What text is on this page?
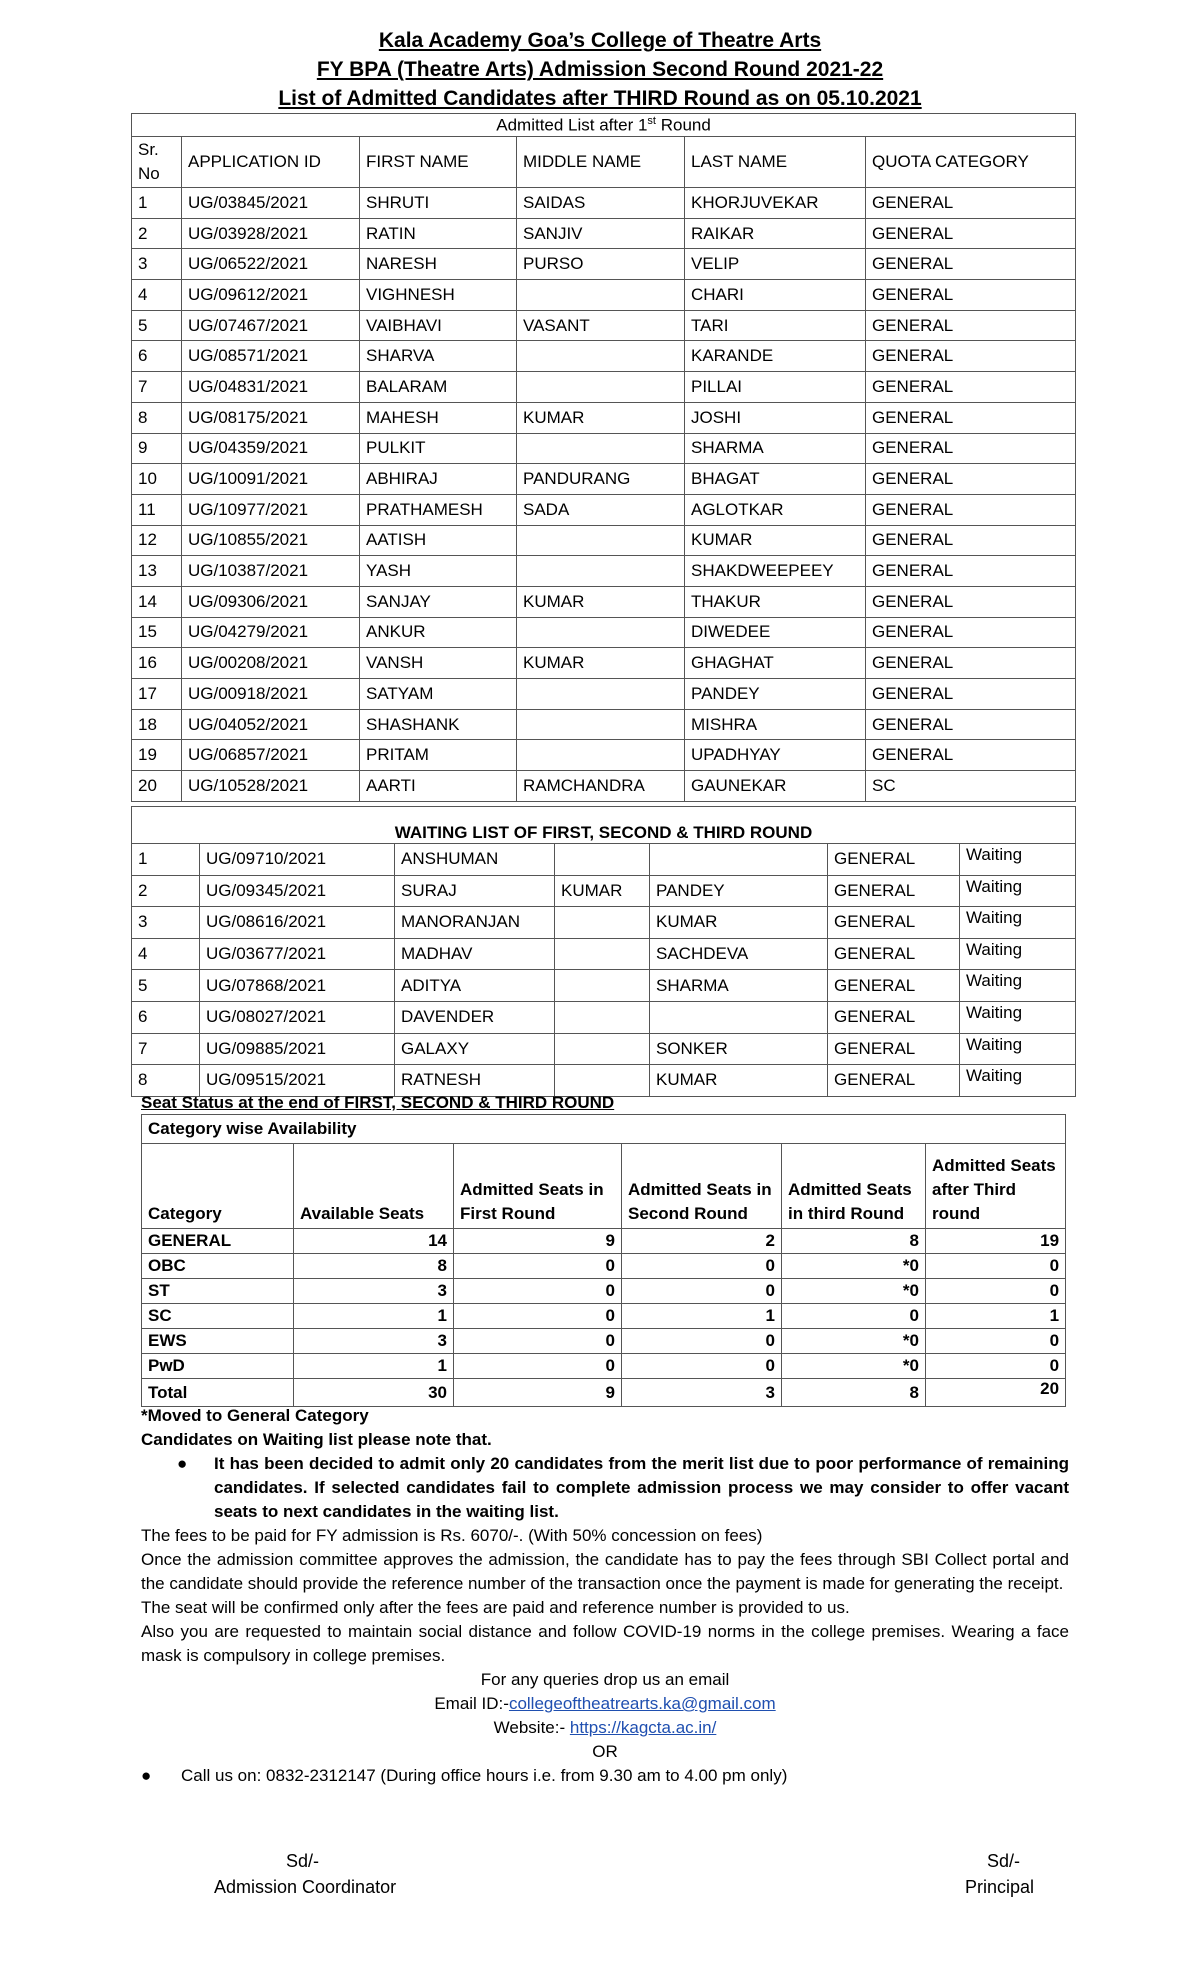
Kala Academy Goa’s College of Theatre Arts
FY BPA (Theatre Arts) Admission Second Round 2021-22
List of Admitted Candidates after THIRD Round as on 05.10.2021
Admitted List after 1st Round					
Sr. No	APPLICATION ID	FIRST NAME	MIDDLE NAME	LAST NAME	QUOTA CATEGORY
1	UG/03845/2021	SHRUTI	SAIDAS	KHORJUVEKAR	GENERAL
2	UG/03928/2021	RATIN	SANJIV	RAIKAR	GENERAL
3	UG/06522/2021	NARESH	PURSO	VELIP	GENERAL
4	UG/09612/2021	VIGHNESH		CHARI	GENERAL
5	UG/07467/2021	VAIBHAVI	VASANT	TARI	GENERAL
6	UG/08571/2021	SHARVA		KARANDE	GENERAL
7	UG/04831/2021	BALARAM		PILLAI	GENERAL
8	UG/08175/2021	MAHESH	KUMAR	JOSHI	GENERAL
9	UG/04359/2021	PULKIT		SHARMA	GENERAL
10	UG/10091/2021	ABHIRAJ	PANDURANG	BHAGAT	GENERAL
11	UG/10977/2021	PRATHAMESH	SADA	AGLOTKAR	GENERAL
12	UG/10855/2021	AATISH		KUMAR	GENERAL
13	UG/10387/2021	YASH		SHAKDWEEPEEY	GENERAL
14	UG/09306/2021	SANJAY	KUMAR	THAKUR	GENERAL
15	UG/04279/2021	ANKUR		DIWEDEE	GENERAL
16	UG/00208/2021	VANSH	KUMAR	GHAGHAT	GENERAL
17	UG/00918/2021	SATYAM		PANDEY	GENERAL
18	UG/04052/2021	SHASHANK		MISHRA	GENERAL
19	UG/06857/2021	PRITAM		UPADHYAY	GENERAL
20	UG/10528/2021	AARTI	RAMCHANDRA	GAUNEKAR	SC
WAITING LIST OF FIRST, SECOND & THIRD ROUND						
1	UG/09710/2021	ANSHUMAN			GENERAL	Waiting
2	UG/09345/2021	SURAJ	KUMAR	PANDEY	GENERAL	Waiting
3	UG/08616/2021	MANORANJAN		KUMAR	GENERAL	Waiting
4	UG/03677/2021	MADHAV		SACHDEVA	GENERAL	Waiting
5	UG/07868/2021	ADITYA		SHARMA	GENERAL	Waiting
6	UG/08027/2021	DAVENDER			GENERAL	Waiting
7	UG/09885/2021	GALAXY		SONKER	GENERAL	Waiting
8	UG/09515/2021	RATNESH		KUMAR	GENERAL	Waiting
Seat Status at the end of FIRST, SECOND & THIRD ROUND
Category wise Availability					
Category	Available Seats	Admitted Seats in First Round	Admitted Seats in Second Round	Admitted Seats in third Round	Admitted Seats after Third round
GENERAL	14	9	2	8	19
OBC	8	0	0	*0	0
ST	3	0	0	*0	0
SC	1	0	1	0	1
EWS	3	0	0	*0	0
PwD	1	0	0	*0	0
Total	30	9	3	8	20
*Moved to General Category
Candidates on Waiting list please note that.
● It has been decided to admit only 20 candidates from the merit list due to poor performance of remaining candidates. If selected candidates fail to complete admission process we may consider to offer vacant seats to next candidates in the waiting list.
The fees to be paid for FY admission is Rs. 6070/-. (With 50% concession on fees)
Once the admission committee approves the admission, the candidate has to pay the fees through SBI Collect portal and the candidate should provide the reference number of the transaction once the payment is made for generating the receipt.
The seat will be confirmed only after the fees are paid and reference number is provided to us.
Also you are requested to maintain social distance and follow COVID-19 norms in the college premises. Wearing a face mask is compulsory in college premises.
For any queries drop us an email
Email ID:-collegeoftheatrearts.ka@gmail.com
Website:- https://kagcta.ac.in/
OR
● Call us on: 0832-2312147 (During office hours i.e. from 9.30 am to 4.00 pm only)
Sd/-
Admission Coordinator
Sd/-
Principal
